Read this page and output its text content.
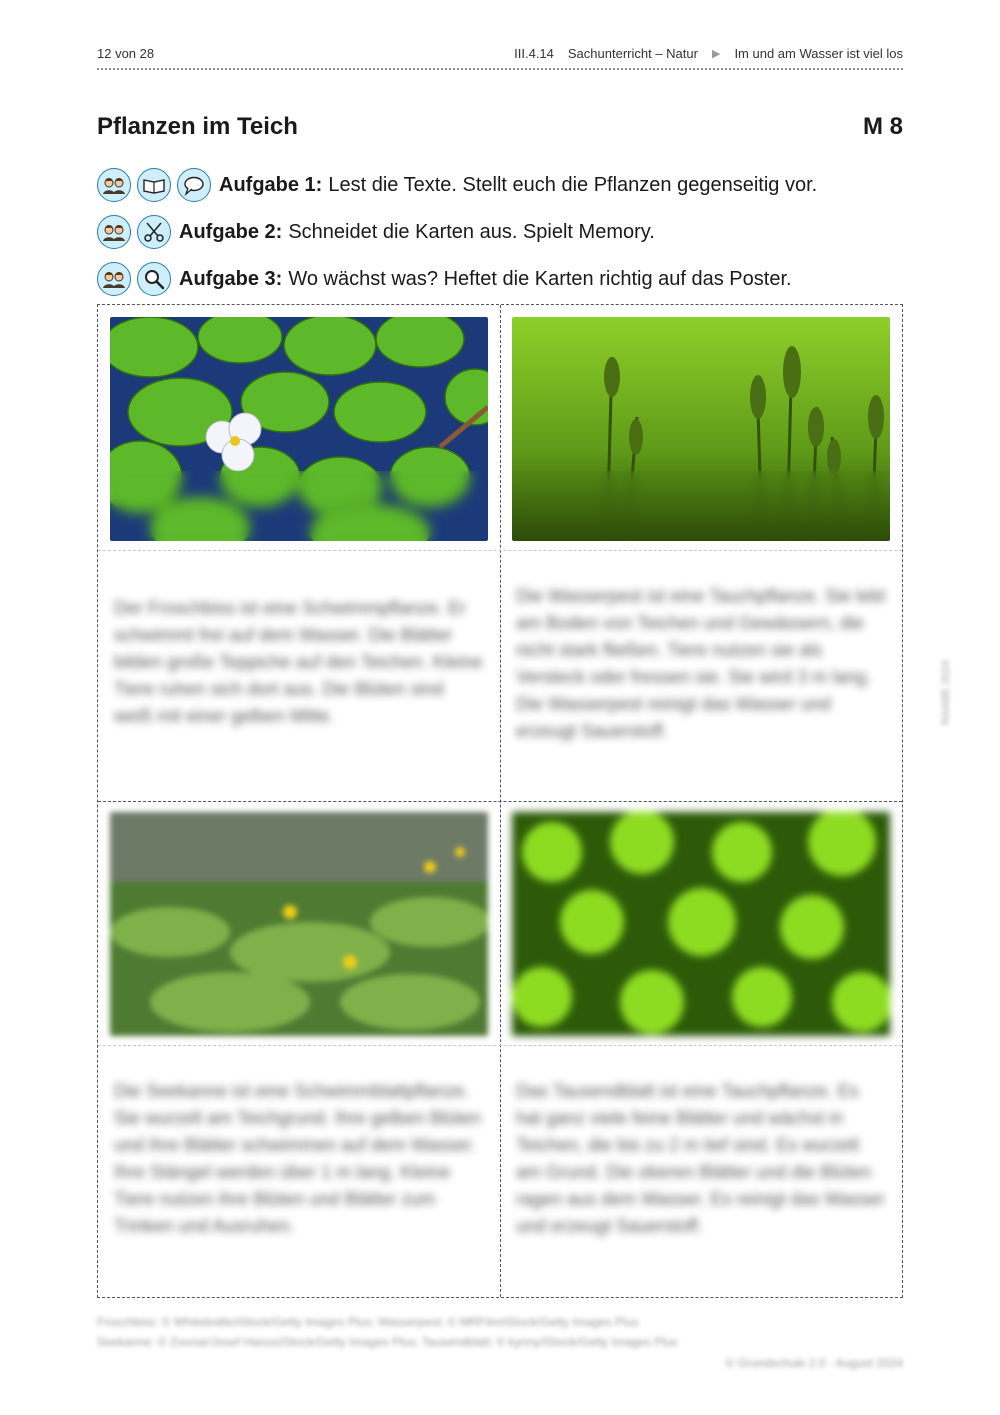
12 von 28	III.4.14 Sachunterricht – Natur ▶ Im und am Wasser ist viel los
Pflanzen im Teich	M 8
Aufgabe 1: Lest die Texte. Stellt euch die Pflanzen gegenseitig vor.
Aufgabe 2: Schneidet die Karten aus. Spielt Memory.
Aufgabe 3: Wo wächst was? Heftet die Karten richtig auf das Poster.
Der Froschbiss ist eine Schwimmpflanze. Er schwimmt frei auf dem Wasser. Die Blätter bilden große Teppiche auf den Teichen. Kleine Tiere ruhen sich dort aus. Die Blüten sind weiß mit einer gelben Mitte.
Die Wasserpest ist eine Tauchpflanze. Sie lebt am Boden von Teichen und Gewässern, die nicht stark fließen. Tiere nutzen sie als Versteck oder fressen sie. Sie wird 3 m lang. Die Wasserpest reinigt das Wasser und erzeugt Sauerstoff.
Die Seekanne ist eine Schwimmblattpflanze. Sie wurzelt am Teichgrund. Ihre gelben Blüten und ihre Blätter schwimmen auf dem Wasser. Ihre Stängel werden über 1 m lang. Kleine Tiere nutzen ihre Blüten und Blätter zum Trinken und Ausruhen.
Das Tausendblatt ist eine Tauchpflanze. Es hat ganz viele feine Blätter und wächst in Teichen, die bis zu 2 m tief sind. Es wurzelt am Grund. Die oberen Blätter und die Blüten ragen aus dem Wasser. Es reinigt das Wasser und erzeugt Sauerstoff.
Froschbiss: © Whitebottle/iStock/Getty Images Plus; Wasserpest: © MRFilm/iStock/Getty Images Plus
Seekanne: © Zoonar/Josef Hanus/iStock/Getty Images Plus; Tausendblatt: © kynny/iStock/Getty Images Plus
© Grundschule 2.0 · August 2024
RAABE 2024
